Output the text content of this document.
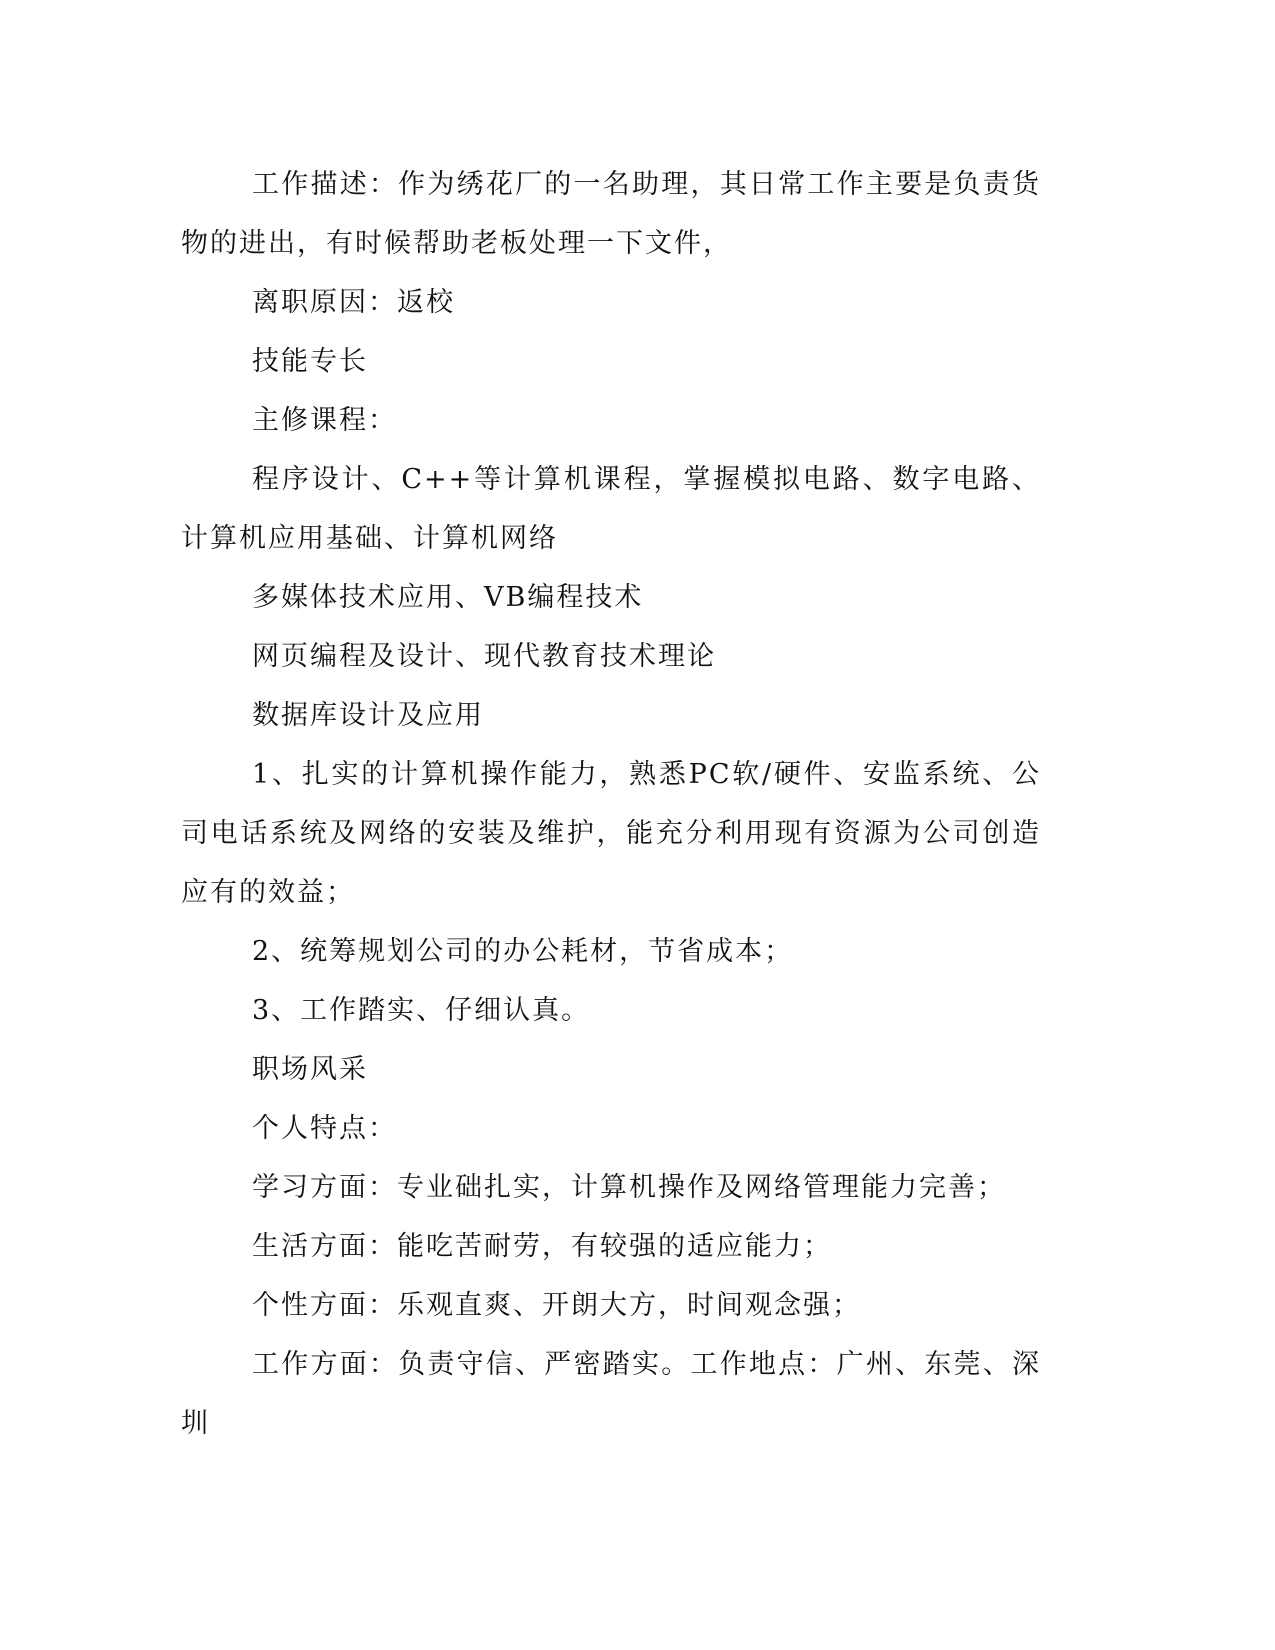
工作描述：作为绣花厂的一名助理，其日常工作主要是负责货物的进出，有时候帮助老板处理一下文件，

离职原因：返校

技能专长

主修课程：

程序设计、C++等计算机课程，掌握模拟电路、数字电路、计算机应用基础、计算机网络

多媒体技术应用、VB编程技术

网页编程及设计、现代教育技术理论

数据库设计及应用

1、扎实的计算机操作能力，熟悉PC软/硬件、安监系统、公司电话系统及网络的安装及维护，能充分利用现有资源为公司创造应有的效益；

2、统筹规划公司的办公耗材，节省成本；

3、工作踏实、仔细认真。

职场风采

个人特点：

学习方面：专业础扎实，计算机操作及网络管理能力完善；

生活方面：能吃苦耐劳，有较强的适应能力；

个性方面：乐观直爽、开朗大方，时间观念强；

工作方面：负责守信、严密踏实。工作地点：广州、东莞、深圳
